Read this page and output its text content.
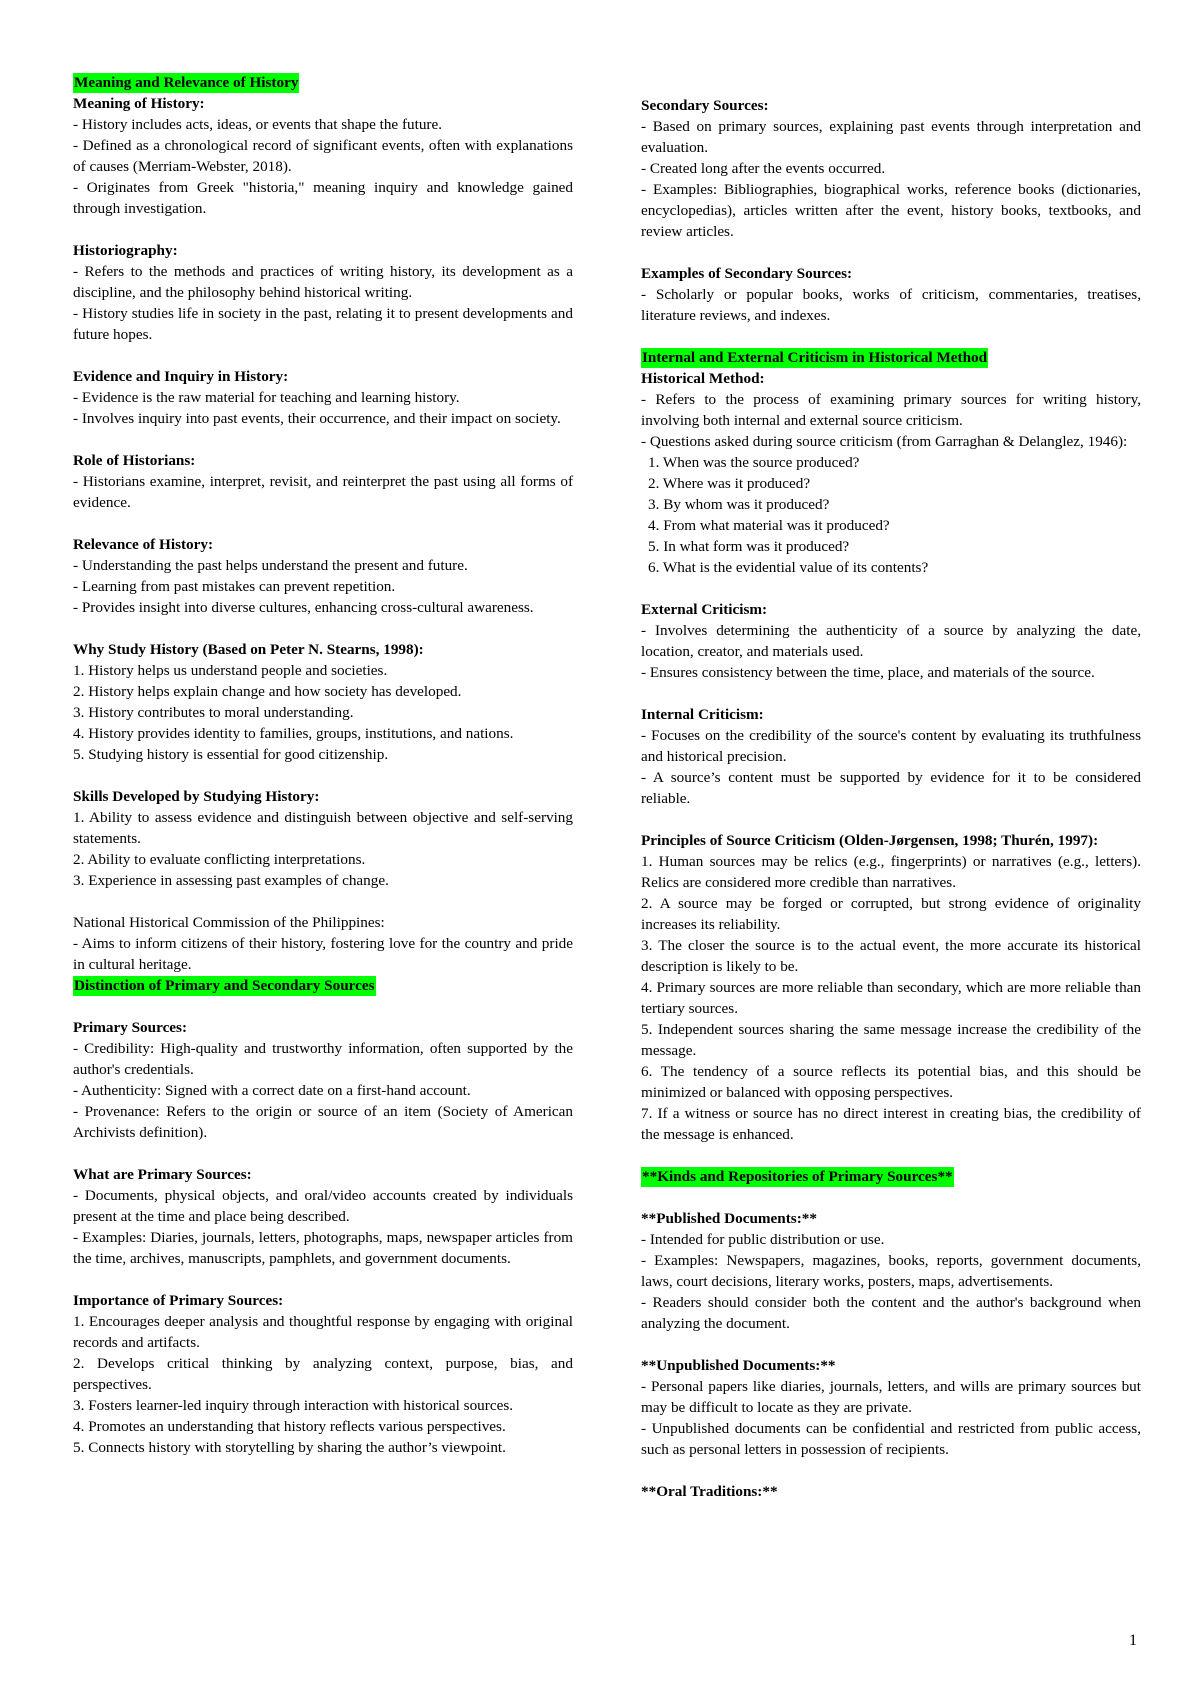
Meaning and Relevance of History
Meaning of History:

- History includes acts, ideas, or events that shape the future.

- Defined as a chronological record of significant events, often with explanations of causes (Merriam-Webster, 2018).

- Originates from Greek "historia," meaning inquiry and knowledge gained through investigation.

Historiography:

- Refers to the methods and practices of writing history, its development as a discipline, and the philosophy behind historical writing.

- History studies life in society in the past, relating it to present developments and future hopes.

Evidence and Inquiry in History:

- Evidence is the raw material for teaching and learning history.

- Involves inquiry into past events, their occurrence, and their impact on society.

Role of Historians:

- Historians examine, interpret, revisit, and reinterpret the past using all forms of evidence.

Relevance of History:

- Understanding the past helps understand the present and future.

- Learning from past mistakes can prevent repetition.

- Provides insight into diverse cultures, enhancing cross-cultural awareness.

Why Study History (Based on Peter N. Stearns, 1998):

1. History helps us understand people and societies.

2. History helps explain change and how society has developed.

3. History contributes to moral understanding.

4. History provides identity to families, groups, institutions, and nations.

5. Studying history is essential for good citizenship.

Skills Developed by Studying History:

1. Ability to assess evidence and distinguish between objective and self-serving statements.

2. Ability to evaluate conflicting interpretations.

3. Experience in assessing past examples of change.

National Historical Commission of the Philippines:

- Aims to inform citizens of their history, fostering love for the country and pride in cultural heritage.

Distinction of Primary and Secondary Sources
Primary Sources:

- Credibility: High-quality and trustworthy information, often supported by the author's credentials.

- Authenticity: Signed with a correct date on a first-hand account.

- Provenance: Refers to the origin or source of an item (Society of American Archivists definition).

What are Primary Sources:

- Documents, physical objects, and oral/video accounts created by individuals present at the time and place being described.

- Examples: Diaries, journals, letters, photographs, maps, newspaper articles from the time, archives, manuscripts, pamphlets, and government documents.

Importance of Primary Sources:

1. Encourages deeper analysis and thoughtful response by engaging with original records and artifacts.

2. Develops critical thinking by analyzing context, purpose, bias, and perspectives.

3. Fosters learner-led inquiry through interaction with historical sources.

4. Promotes an understanding that history reflects various perspectives.

5. Connects history with storytelling by sharing the author’s viewpoint.

Secondary Sources:

- Based on primary sources, explaining past events through interpretation and evaluation.

- Created long after the events occurred.

- Examples: Bibliographies, biographical works, reference books (dictionaries, encyclopedias), articles written after the event, history books, textbooks, and review articles.

Examples of Secondary Sources:

- Scholarly or popular books, works of criticism, commentaries, treatises, literature reviews, and indexes.

Internal and External Criticism in Historical Method
Historical Method:

- Refers to the process of examining primary sources for writing history, involving both internal and external source criticism.

- Questions asked during source criticism (from Garraghan & Delanglez, 1946):

1. When was the source produced?
2. Where was it produced?
3. By whom was it produced?
4. From what material was it produced?
5. In what form was it produced?
6. What is the evidential value of its contents?
External Criticism:

- Involves determining the authenticity of a source by analyzing the date, location, creator, and materials used.

- Ensures consistency between the time, place, and materials of the source.

Internal Criticism:

- Focuses on the credibility of the source's content by evaluating its truthfulness and historical precision.

- A source’s content must be supported by evidence for it to be considered reliable.

Principles of Source Criticism (Olden-Jørgensen, 1998; Thurén, 1997):

1. Human sources may be relics (e.g., fingerprints) or narratives (e.g., letters). Relics are considered more credible than narratives.

2. A source may be forged or corrupted, but strong evidence of originality increases its reliability.

3. The closer the source is to the actual event, the more accurate its historical description is likely to be.

4. Primary sources are more reliable than secondary, which are more reliable than tertiary sources.

5. Independent sources sharing the same message increase the credibility of the message.

6. The tendency of a source reflects its potential bias, and this should be minimized or balanced with opposing perspectives.

7. If a witness or source has no direct interest in creating bias, the credibility of the message is enhanced.

**Kinds and Repositories of Primary Sources**
**Published Documents:**

- Intended for public distribution or use.

- Examples: Newspapers, magazines, books, reports, government documents, laws, court decisions, literary works, posters, maps, advertisements.

- Readers should consider both the content and the author's background when analyzing the document.

**Unpublished Documents:**

- Personal papers like diaries, journals, letters, and wills are primary sources but may be difficult to locate as they are private.

- Unpublished documents can be confidential and restricted from public access, such as personal letters in possession of recipients.

**Oral Traditions:**
1
